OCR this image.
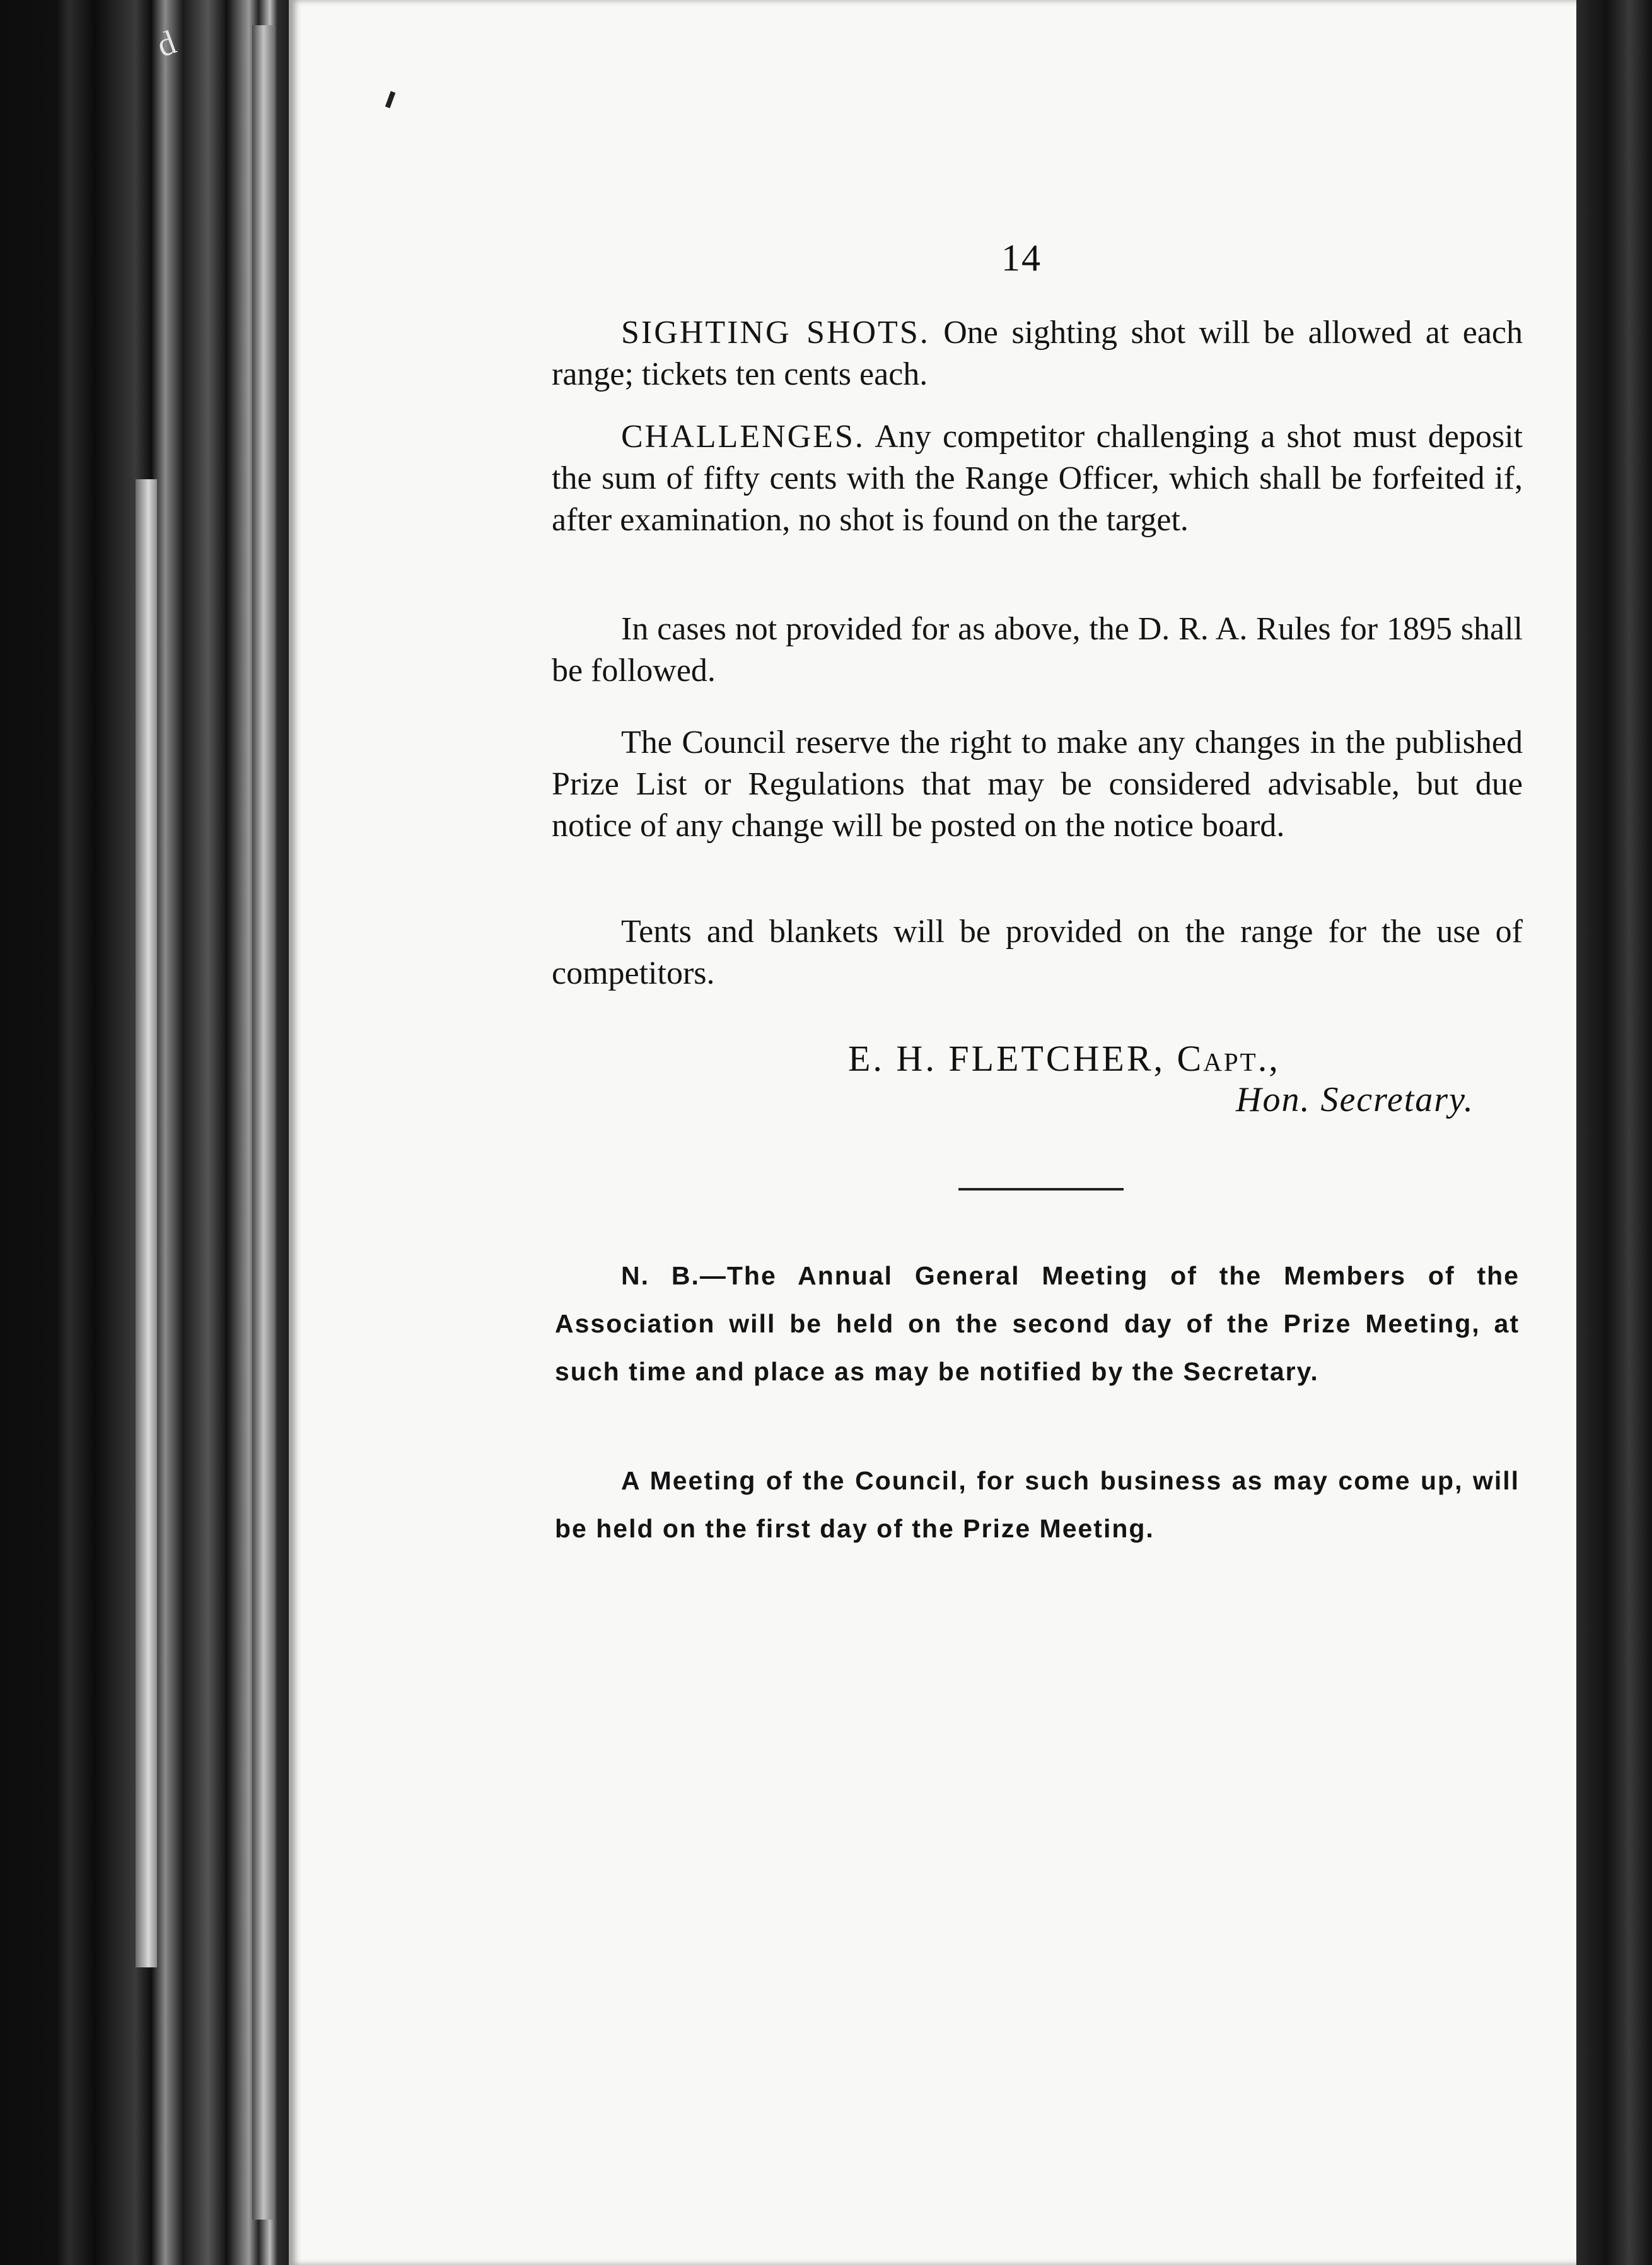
ᵈ
14
SIGHTING SHOTS. One sighting shot will be allowed at each range; tickets ten cents each.
CHALLENGES. Any competitor challenging a shot must deposit the sum of fifty cents with the Range Officer, which shall be forfeited if, after examination, no shot is found on the target.

In cases not provided for as above, the D. R. A. Rules for 1895 shall be followed.

The Council reserve the right to make any changes in the published Prize List or Regulations that may be considered advisable, but due notice of any change will be posted on the notice board.

Tents and blankets will be provided on the range for the use of competitors.

E. H. FLETCHER, Capt.,
Hon. Secretary.

N. B.—The Annual General Meeting of the Members of the Association will be held on the second day of the Prize Meeting, at such time and place as may be notified by the Secretary.

A Meeting of the Council, for such business as may come up, will be held on the first day of the Prize Meeting.
